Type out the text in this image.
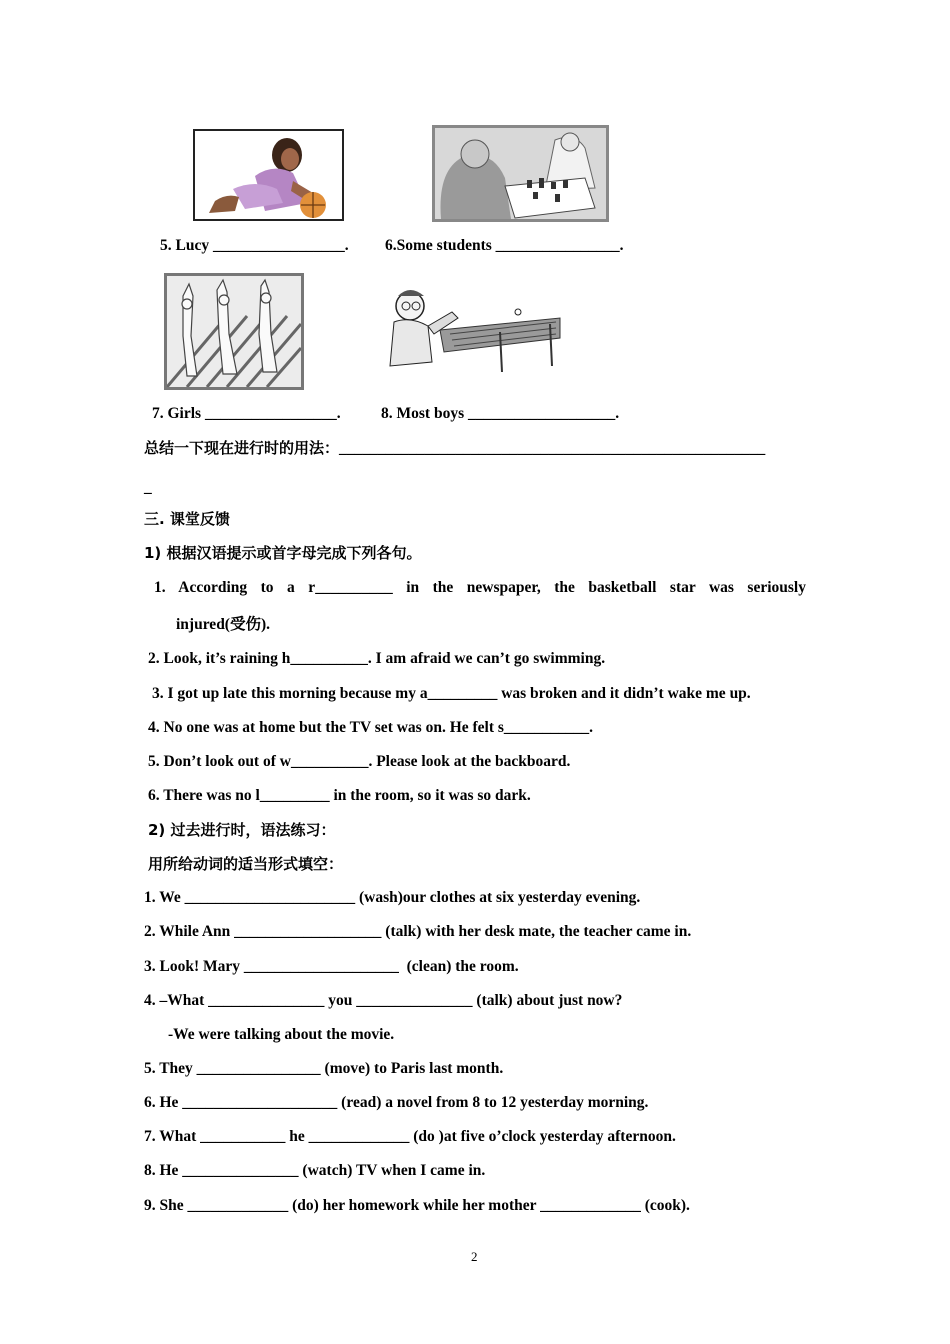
5. Lucy _________________. 6.Some students ________________.
7. Girls _________________.	8. Most boys ___________________.
总结一下现在进行时的用法：_______________________________________________________
_
三. 课堂反馈
1) 根据汉语提示或首字母完成下列各句。
1. According to a r__________ in the newspaper, the basketball star was seriously
injured(受伤).
2. Look, it’s raining h__________. I am afraid we can’t go swimming.
3. I got up late this morning because my a_________ was broken and it didn’t wake me up.
4. No one was at home but the TV set was on. He felt s___________.
5. Don’t look out of w__________. Please look at the backboard.
6. There was no l_________ in the room, so it was so dark.
2) 过去进行时，语法练习：
用所给动词的适当形式填空：
1. We ______________________ (wash)our clothes at six yesterday evening.
2. While Ann ___________________ (talk) with her desk mate, the teacher came in.
3. Look! Mary ____________________  (clean) the room.
4. –What _______________ you _______________ (talk) about just now?
-We were talking about the movie.
5. They ________________ (move) to Paris last month.
6. He ____________________ (read) a novel from 8 to 12 yesterday morning.
7. What ___________ he _____________ (do )at five o’clock yesterday afternoon.
8. He _______________ (watch) TV when I came in.
9. She _____________ (do) her homework while her mother _____________ (cook).
2
